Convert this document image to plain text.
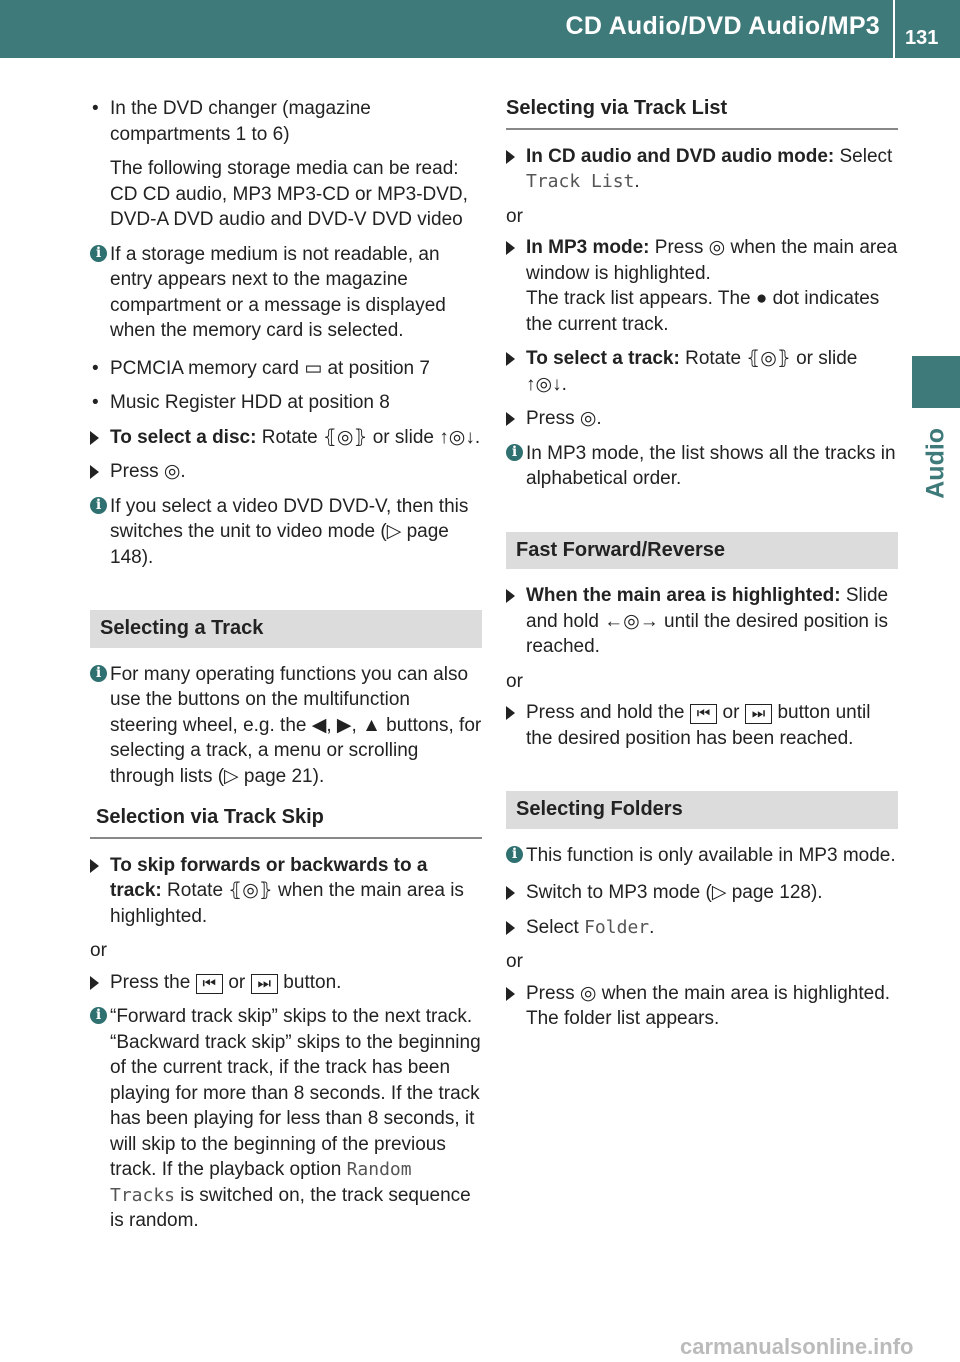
CD Audio/DVD Audio/MP3 131
Audio
• In the DVD changer (magazine compartments 1 to 6)
The following storage media can be read: CD CD audio, MP3 MP3-CD or MP3-DVD, DVD-A DVD audio and DVD-V DVD video
i If a storage medium is not readable, an entry appears next to the magazine compartment or a message is displayed when the memory card is selected.
• PCMCIA memory card ▭ at position 7
• Music Register HDD at position 8
To select a disc: Rotate ⦃◎⦄ or slide ↑◎↓.
Press ◎.
i If you select a video DVD DVD-V, then this switches the unit to video mode (▷ page 148).
Selecting a Track
i For many operating functions you can also use the buttons on the multifunction steering wheel, e.g. the ◀, ▶, ▲ buttons, for selecting a track, a menu or scrolling through lists (▷ page 21).
Selection via Track Skip
To skip forwards or backwards to a track: Rotate ⦃◎⦄ when the main area is highlighted.
or
Press the ⏮ or ⏭ button.
i “Forward track skip” skips to the next track. “Backward track skip” skips to the beginning of the current track, if the track has been playing for more than 8 seconds. If the track has been playing for less than 8 seconds, it will skip to the beginning of the previous track. If the playback option Random Tracks is switched on, the track sequence is random.
Selecting via Track List
In CD audio and DVD audio mode: Select Track List.
or
In MP3 mode: Press ◎ when the main area window is highlighted.
The track list appears. The ● dot indicates the current track.
To select a track: Rotate ⦃◎⦄ or slide ↑◎↓.
Press ◎.
i In MP3 mode, the list shows all the tracks in alphabetical order.
Fast Forward/Reverse
When the main area is highlighted: Slide and hold ←◎→ until the desired position is reached.
or
Press and hold the ⏮ or ⏭ button until the desired position has been reached.
Selecting Folders
i This function is only available in MP3 mode.
Switch to MP3 mode (▷ page 128).
Select Folder.
or
Press ◎ when the main area is highlighted.
The folder list appears.
carmanualsonline.info
